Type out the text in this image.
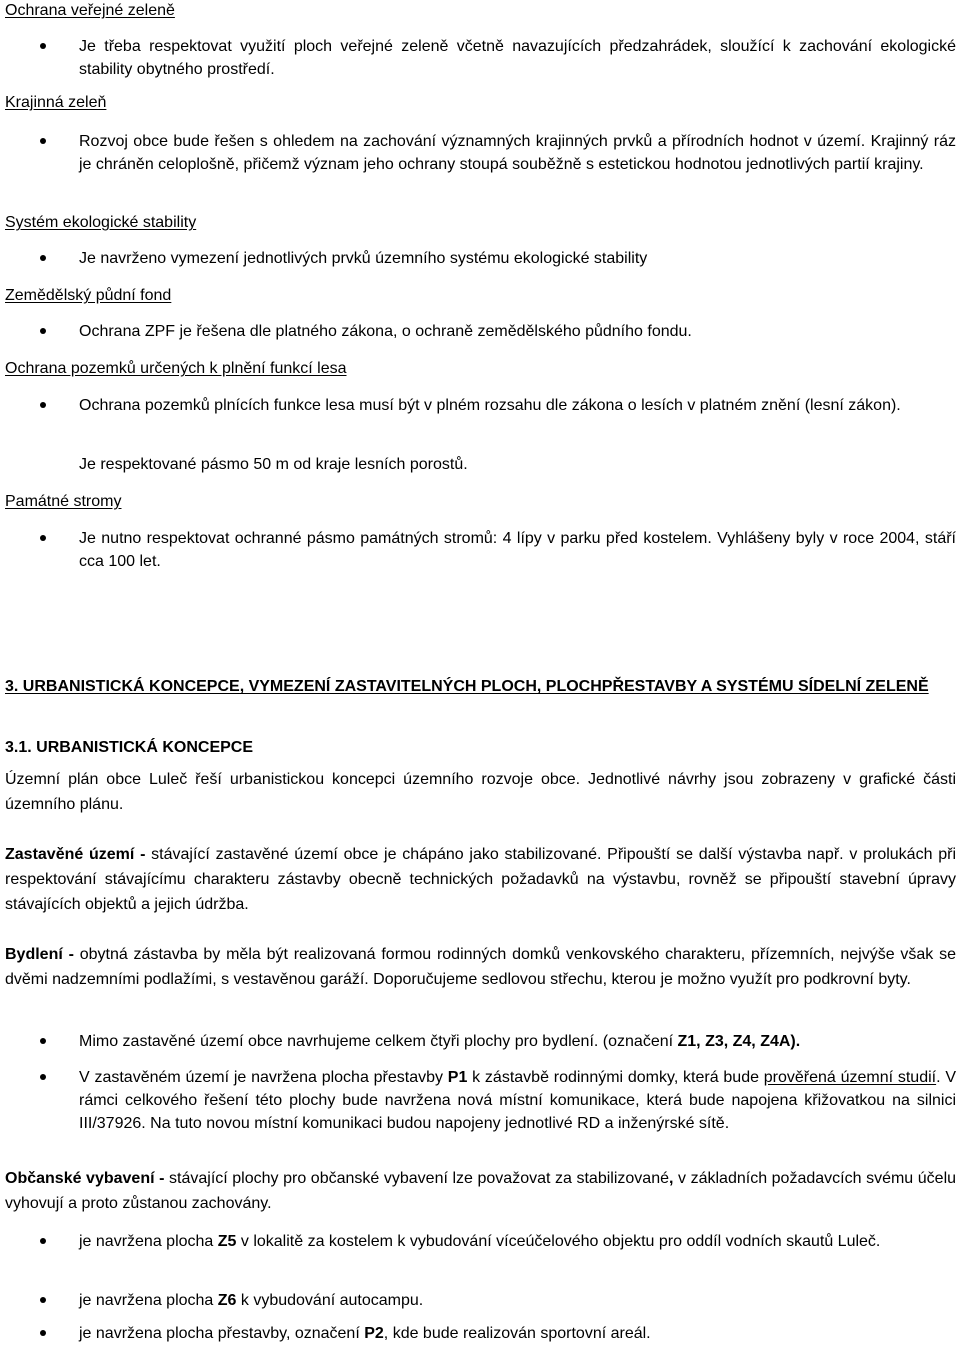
Ochrana veřejné zeleně
Je třeba respektovat využití ploch veřejné zeleně včetně navazujících předzahrádek, sloužící k zachování ekologické stability obytného prostředí.
Krajinná zeleň
Rozvoj obce bude řešen s ohledem na zachování významných krajinných prvků a přírodních hodnot v území. Krajinný ráz je chráněn celoplošně, přičemž význam jeho ochrany stoupá souběžně s estetickou hodnotou jednotlivých partií krajiny.
Systém ekologické stability
Je navrženo vymezení jednotlivých prvků územního systému ekologické stability
Zemědělský půdní fond
Ochrana ZPF je řešena dle platného zákona, o ochraně zemědělského půdního fondu.
Ochrana pozemků určených k plnění funkcí lesa
Ochrana pozemků plnících funkce lesa musí být v plném rozsahu dle zákona o lesích v platném znění (lesní zákon).
Je respektované pásmo 50 m od kraje lesních porostů.
Památné stromy
Je nutno respektovat ochranné pásmo památných stromů: 4 lípy v parku před kostelem. Vyhlášeny byly v roce 2004, stáří cca 100 let.
3. URBANISTICKÁ KONCEPCE, VYMEZENÍ ZASTAVITELNÝCH PLOCH, PLOCHPŘESTAVBY A SYSTÉMU SÍDELNÍ ZELENĚ
3.1. URBANISTICKÁ KONCEPCE

Územní plán obce Luleč řeší urbanistickou koncepci územního rozvoje obce. Jednotlivé návrhy jsou zobrazeny v grafické části územního plánu.

Zastavěné území - stávající zastavěné území obce je chápáno jako stabilizované. Připouští se další výstavba např. v prolukách při respektování stávajícímu charakteru zástavby obecně technických požadavků na výstavbu, rovněž se připouští stavební úpravy stávajících objektů a jejich údržba.

Bydlení - obytná zástavba by měla být realizovaná formou rodinných domků venkovského charakteru, přízemních, nejvýše však se dvěmi nadzemními podlažími, s vestavěnou garáží. Doporučujeme sedlovou střechu, kterou je možno využít pro podkrovní byty.

Mimo zastavěné území obce navrhujeme celkem čtyři plochy pro bydlení. (označení Z1, Z3, Z4, Z4A).
V zastavěném území je navržena plocha přestavby P1 k zástavbě rodinnými domky, která bude prověřená územní studií. V rámci celkového řešení této plochy bude navržena nová místní komunikace, která bude napojena křižovatkou na silnici III/37926. Na tuto novou místní komunikaci budou napojeny jednotlivé RD a inženýrské sítě.

Občanské vybavení - stávající plochy pro občanské vybavení lze považovat za stabilizované, v základních požadavcích svému účelu vyhovují a proto zůstanou zachovány.

je navržena plocha Z5 v lokalitě za kostelem k vybudování víceúčelového objektu pro oddíl vodních skautů Luleč.
je navržena plocha Z6 k vybudování autocampu.
je navržena plocha přestavby, označení P2, kde bude realizován sportovní areál.
